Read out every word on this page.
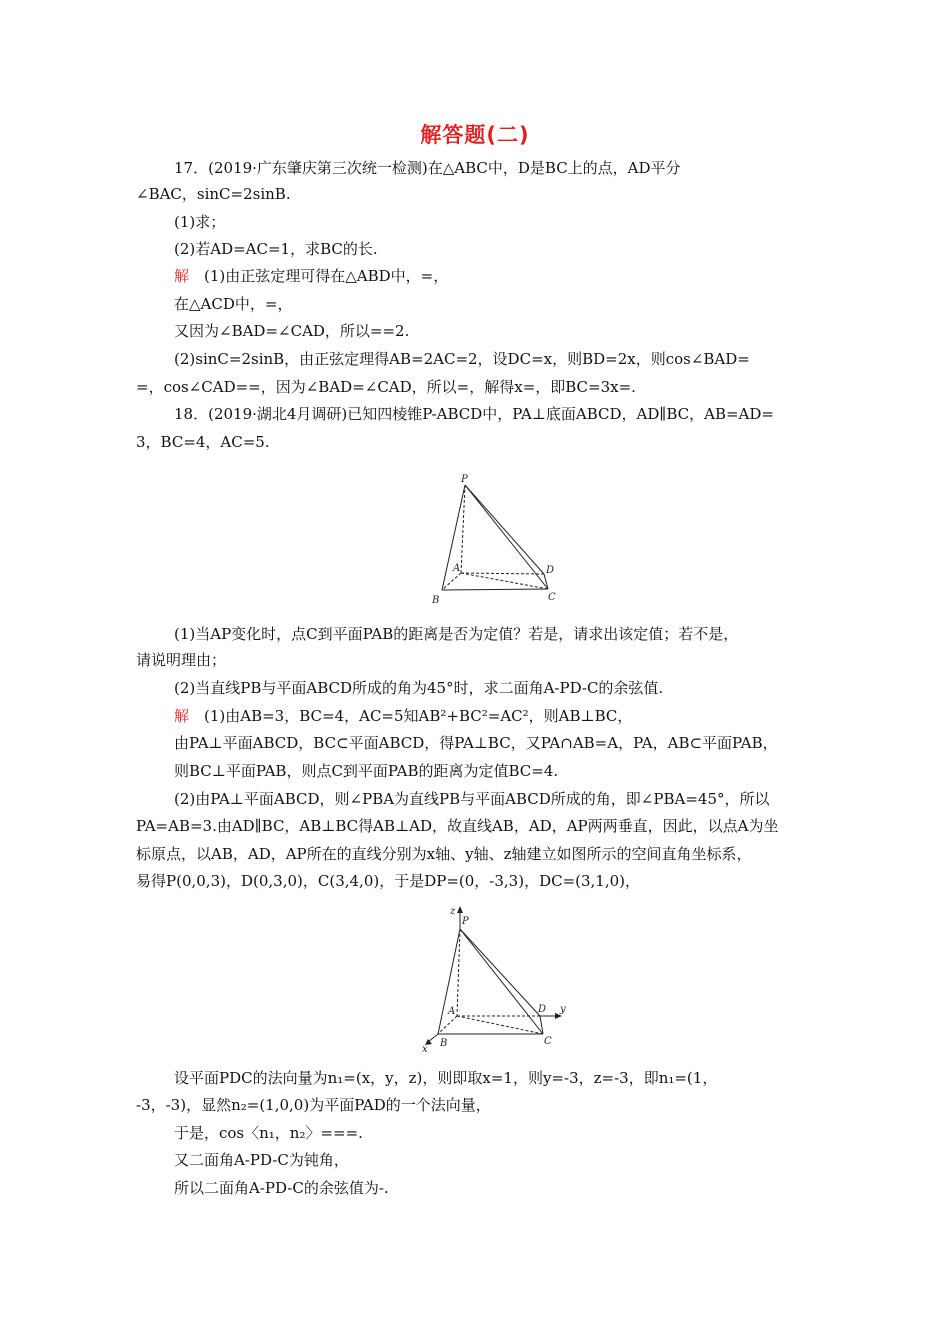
解答题(二)
17．(2019·广东肇庆第三次统一检测)在△ABC中，D是BC上的点，AD平分
∠BAC，sinC=2sinB.
(1)求；
(2)若AD=AC=1，求BC的长.
解  (1)由正弦定理可得在△ABD中，=，
在△ACD中，=，
又因为∠BAD=∠CAD，所以==2.
(2)sinC=2sinB，由正弦定理得AB=2AC=2，设DC=x，则BD=2x，则cos∠BAD=
=，cos∠CAD==，因为∠BAD=∠CAD，所以=，解得x=，即BC=3x=.
18．(2019·湖北4月调研)已知四棱锥P-ABCD中，PA⊥底面ABCD，AD∥BC，AB=AD=
3，BC=4，AC=5.
P
A
B	C
D
(1)当AP变化时，点C到平面PAB的距离是否为定值？若是，请求出该定值；若不是，
请说明理由；
(2)当直线PB与平面ABCD所成的角为45°时，求二面角A-PD-C的余弦值.
解  (1)由AB=3，BC=4，AC=5知AB²+BC²=AC²，则AB⊥BC，
由PA⊥平面ABCD，BC⊂平面ABCD，得PA⊥BC，又PA∩AB=A，PA，AB⊂平面PAB，
则BC⊥平面PAB，则点C到平面PAB的距离为定值BC=4.
(2)由PA⊥平面ABCD，则∠PBA为直线PB与平面ABCD所成的角，即∠PBA=45°，所以
PA=AB=3.由AD∥BC，AB⊥BC得AB⊥AD，故直线AB，AD，AP两两垂直，因此，以点A为坐
标原点，以AB，AD，AP所在的直线分别为x轴、y轴、z轴建立如图所示的空间直角坐标系，
易得P(0,0,3)，D(0,3,0)，C(3,4,0)，于是DP=(0，-3,3)，DC=(3,1,0)，
z
P
A
B	C
D y
x
设平面PDC的法向量为n₁=(x，y，z)，则即取x=1，则y=-3，z=-3，即n₁=(1，
-3，-3)，显然n₂=(1,0,0)为平面PAD的一个法向量，
于是，cos〈n₁，n₂〉===.
又二面角A-PD-C为钝角，
所以二面角A-PD-C的余弦值为-.
